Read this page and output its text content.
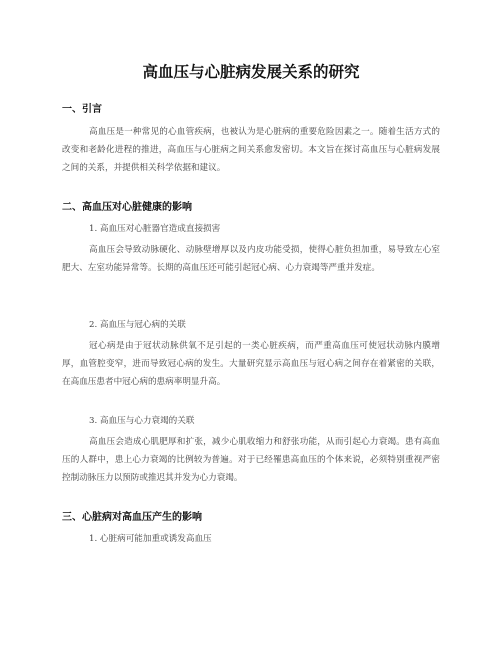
高血压与心脏病发展关系的研究
一、引言

高血压是一种常见的心血管疾病，也被认为是心脏病的重要危险因素之一。随着生活方式的改变和老龄化进程的推进，高血压与心脏病之间关系愈发密切。本文旨在探讨高血压与心脏病发展之间的关系，并提供相关科学依据和建议。

二、高血压对心脏健康的影响
1. 高血压对心脏器官造成直接损害

高血压会导致动脉硬化、动脉壁增厚以及内皮功能受损，使得心脏负担加重，易导致左心室肥大、左室功能异常等。长期的高血压还可能引起冠心病、心力衰竭等严重并发症。

2. 高血压与冠心病的关联

冠心病是由于冠状动脉供氧不足引起的一类心脏疾病，而严重高血压可使冠状动脉内膜增厚，血管腔变窄，进而导致冠心病的发生。大量研究显示高血压与冠心病之间存在着紧密的关联，在高血压患者中冠心病的患病率明显升高。

3. 高血压与心力衰竭的关联

高血压会造成心肌肥厚和扩张，减少心肌收缩力和舒张功能，从而引起心力衰竭。患有高血压的人群中，患上心力衰竭的比例较为普遍。对于已经罹患高血压的个体来说，必须特别重视严密控制动脉压力以预防或推迟其并发为心力衰竭。

三、心脏病对高血压产生的影响
1. 心脏病可能加重或诱发高血压
